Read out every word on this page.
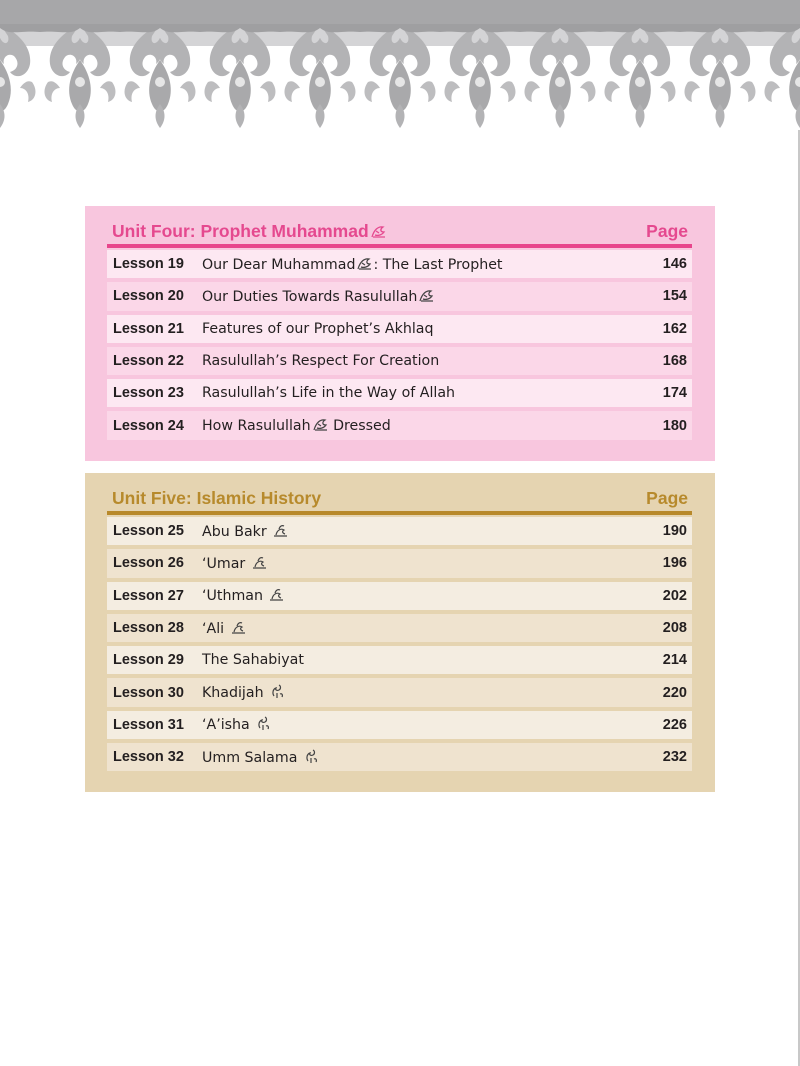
Unit Four: Prophet Muhammad	Page
Lesson 19	Our Dear Muhammad : The Last Prophet	146
Lesson 20	Our Duties Towards Rasulullah	154
Lesson 21	Features of our Prophet’s Akhlaq	162
Lesson 22	Rasulullah’s Respect For Creation	168
Lesson 23	Rasulullah’s Life in the Way of Allah	174
Lesson 24	How Rasulullah Dressed	180
Unit Five: Islamic History	Page
Lesson 25	Abu Bakr	190
Lesson 26	‘Umar	196
Lesson 27	‘Uthman	202
Lesson 28	‘Ali	208
Lesson 29	The Sahabiyat	214
Lesson 30	Khadijah	220
Lesson 31	‘A’isha	226
Lesson 32	Umm Salama	232
